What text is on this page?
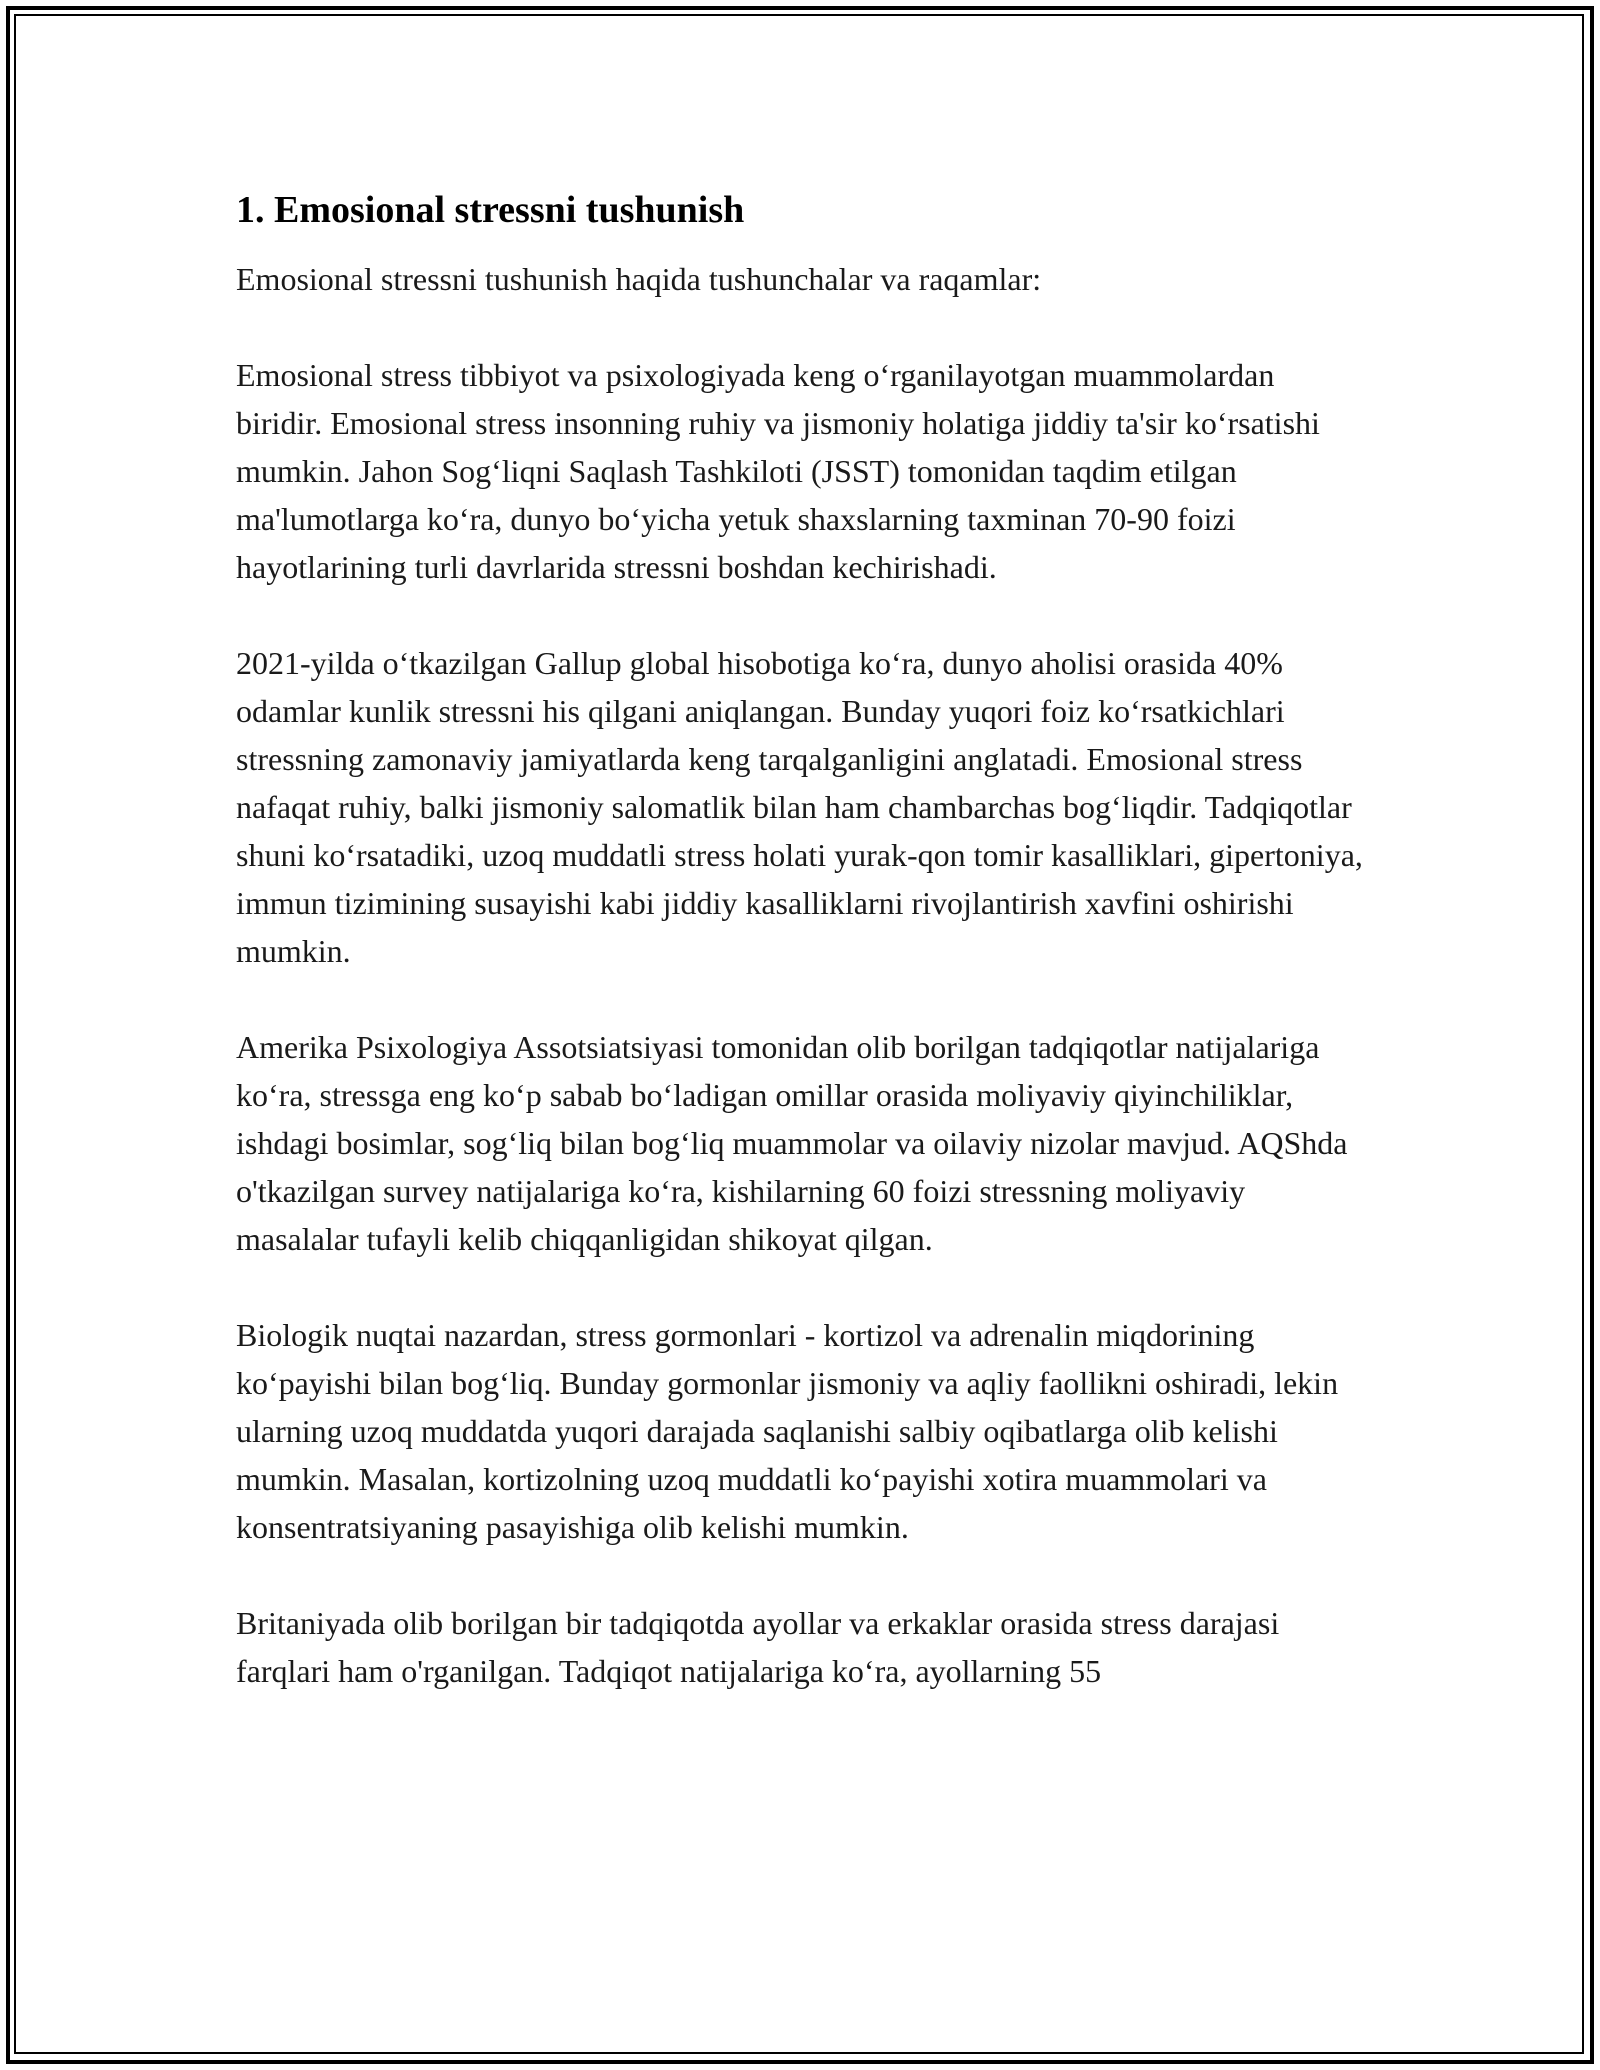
1. Emosional stressni tushunish

Emosional stressni tushunish haqida tushunchalar va raqamlar:

Emosional stress tibbiyot va psixologiyada keng o‘rganilayotgan muammolardan biridir. Emosional stress insonning ruhiy va jismoniy holatiga jiddiy ta'sir ko‘rsatishi mumkin. Jahon Sog‘liqni Saqlash Tashkiloti (JSST) tomonidan taqdim etilgan ma'lumotlarga ko‘ra, dunyo bo‘yicha yetuk shaxslarning taxminan 70-90 foizi hayotlarining turli davrlarida stressni boshdan kechirishadi.

2021-yilda o‘tkazilgan Gallup global hisobotiga ko‘ra, dunyo aholisi orasida 40% odamlar kunlik stressni his qilgani aniqlangan. Bunday yuqori foiz ko‘rsatkichlari stressning zamonaviy jamiyatlarda keng tarqalganligini anglatadi. Emosional stress nafaqat ruhiy, balki jismoniy salomatlik bilan ham chambarchas bog‘liqdir. Tadqiqotlar shuni ko‘rsatadiki, uzoq muddatli stress holati yurak-qon tomir kasalliklari, gipertoniya, immun tizimining susayishi kabi jiddiy kasalliklarni rivojlantirish xavfini oshirishi mumkin.

Amerika Psixologiya Assotsiatsiyasi tomonidan olib borilgan tadqiqotlar natijalariga ko‘ra, stressga eng ko‘p sabab bo‘ladigan omillar orasida moliyaviy qiyinchiliklar, ishdagi bosimlar, sog‘liq bilan bog‘liq muammolar va oilaviy nizolar mavjud. AQShda o'tkazilgan survey natijalariga ko‘ra, kishilarning 60 foizi stressning moliyaviy masalalar tufayli kelib chiqqanligidan shikoyat qilgan.

Biologik nuqtai nazardan, stress gormonlari - kortizol va adrenalin miqdorining ko‘payishi bilan bog‘liq. Bunday gormonlar jismoniy va aqliy faollikni oshiradi, lekin ularning uzoq muddatda yuqori darajada saqlanishi salbiy oqibatlarga olib kelishi mumkin. Masalan, kortizolning uzoq muddatli ko‘payishi xotira muammolari va konsentratsiyaning pasayishiga olib kelishi mumkin.

Britaniyada olib borilgan bir tadqiqotda ayollar va erkaklar orasida stress darajasi farqlari ham o'rganilgan. Tadqiqot natijalariga ko‘ra, ayollarning 55
